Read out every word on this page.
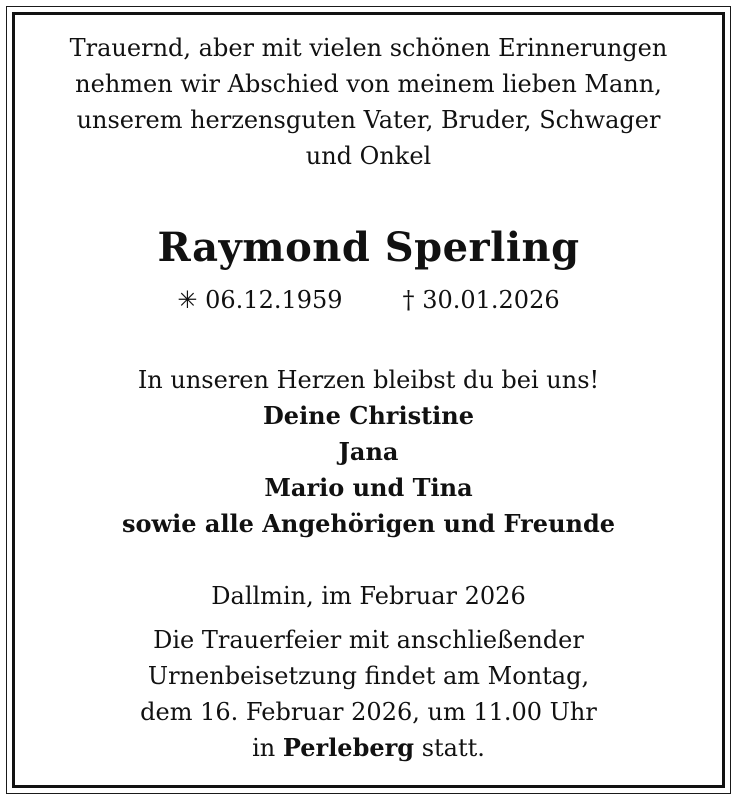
Trauernd, aber mit vielen schönen Erinnerungen
nehmen wir Abschied von meinem lieben Mann,
unserem herzensguten Vater, Bruder, Schwager
und Onkel
Raymond Sperling
✳ 06.12.1959	† 30.01.2026
In unseren Herzen bleibst du bei uns!
Deine Christine
Jana
Mario und Tina
sowie alle Angehörigen und Freunde
Dallmin, im Februar 2026
Die Trauerfeier mit anschließender
Urnenbeisetzung findet am Montag,
dem 16. Februar 2026, um 11.00 Uhr
in Perleberg statt.
